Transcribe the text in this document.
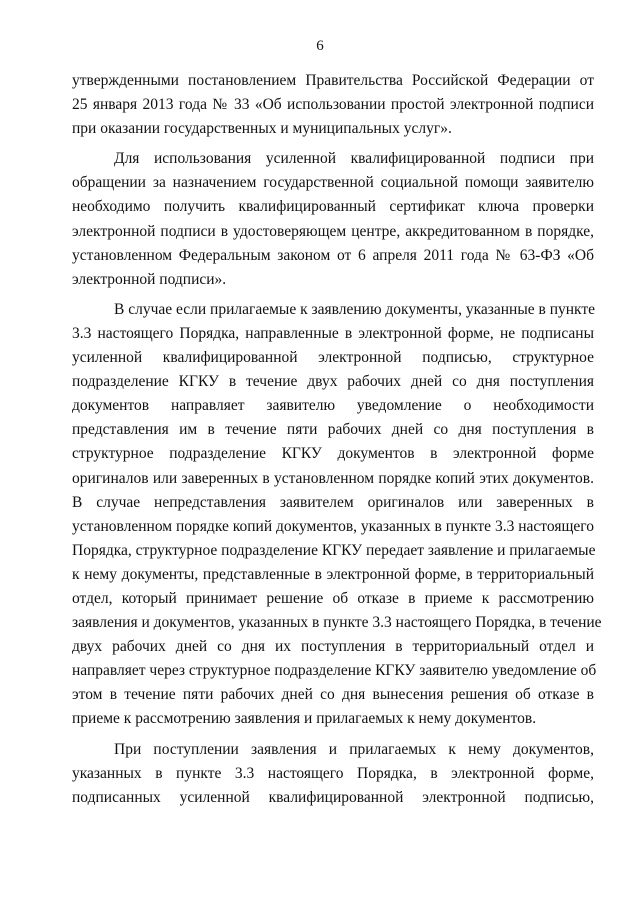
6
утвержденными постановлением Правительства Российской Федерации от
25 января 2013 года № 33 «Об использовании простой электронной подписи
при оказании государственных и муниципальных услуг».
Для использования усиленной квалифицированной подписи при
обращении за назначением государственной социальной помощи заявителю
необходимо получить квалифицированный сертификат ключа проверки
электронной подписи в удостоверяющем центре, аккредитованном в порядке,
установленном Федеральным законом от 6 апреля 2011 года № 63-ФЗ «Об
электронной подписи».
В случае если прилагаемые к заявлению документы, указанные в пункте
3.3 настоящего Порядка, направленные в электронной форме, не подписаны
усиленной квалифицированной электронной подписью, структурное
подразделение КГКУ в течение двух рабочих дней со дня поступления
документов направляет заявителю уведомление о необходимости
представления им в течение пяти рабочих дней со дня поступления в
структурное подразделение КГКУ документов в электронной форме
оригиналов или заверенных в установленном порядке копий этих документов.
В случае непредставления заявителем оригиналов или заверенных в
установленном порядке копий документов, указанных в пункте 3.3 настоящего
Порядка, структурное подразделение КГКУ передает заявление и прилагаемые
к нему документы, представленные в электронной форме, в территориальный
отдел, который принимает решение об отказе в приеме к рассмотрению
заявления и документов, указанных в пункте 3.3 настоящего Порядка, в течение
двух рабочих дней со дня их поступления в территориальный отдел и
направляет через структурное подразделение КГКУ заявителю уведомление об
этом в течение пяти рабочих дней со дня вынесения решения об отказе в
приеме к рассмотрению заявления и прилагаемых к нему документов.
При поступлении заявления и прилагаемых к нему документов,
указанных в пункте 3.3 настоящего Порядка, в электронной форме,
подписанных усиленной квалифицированной электронной подписью,
